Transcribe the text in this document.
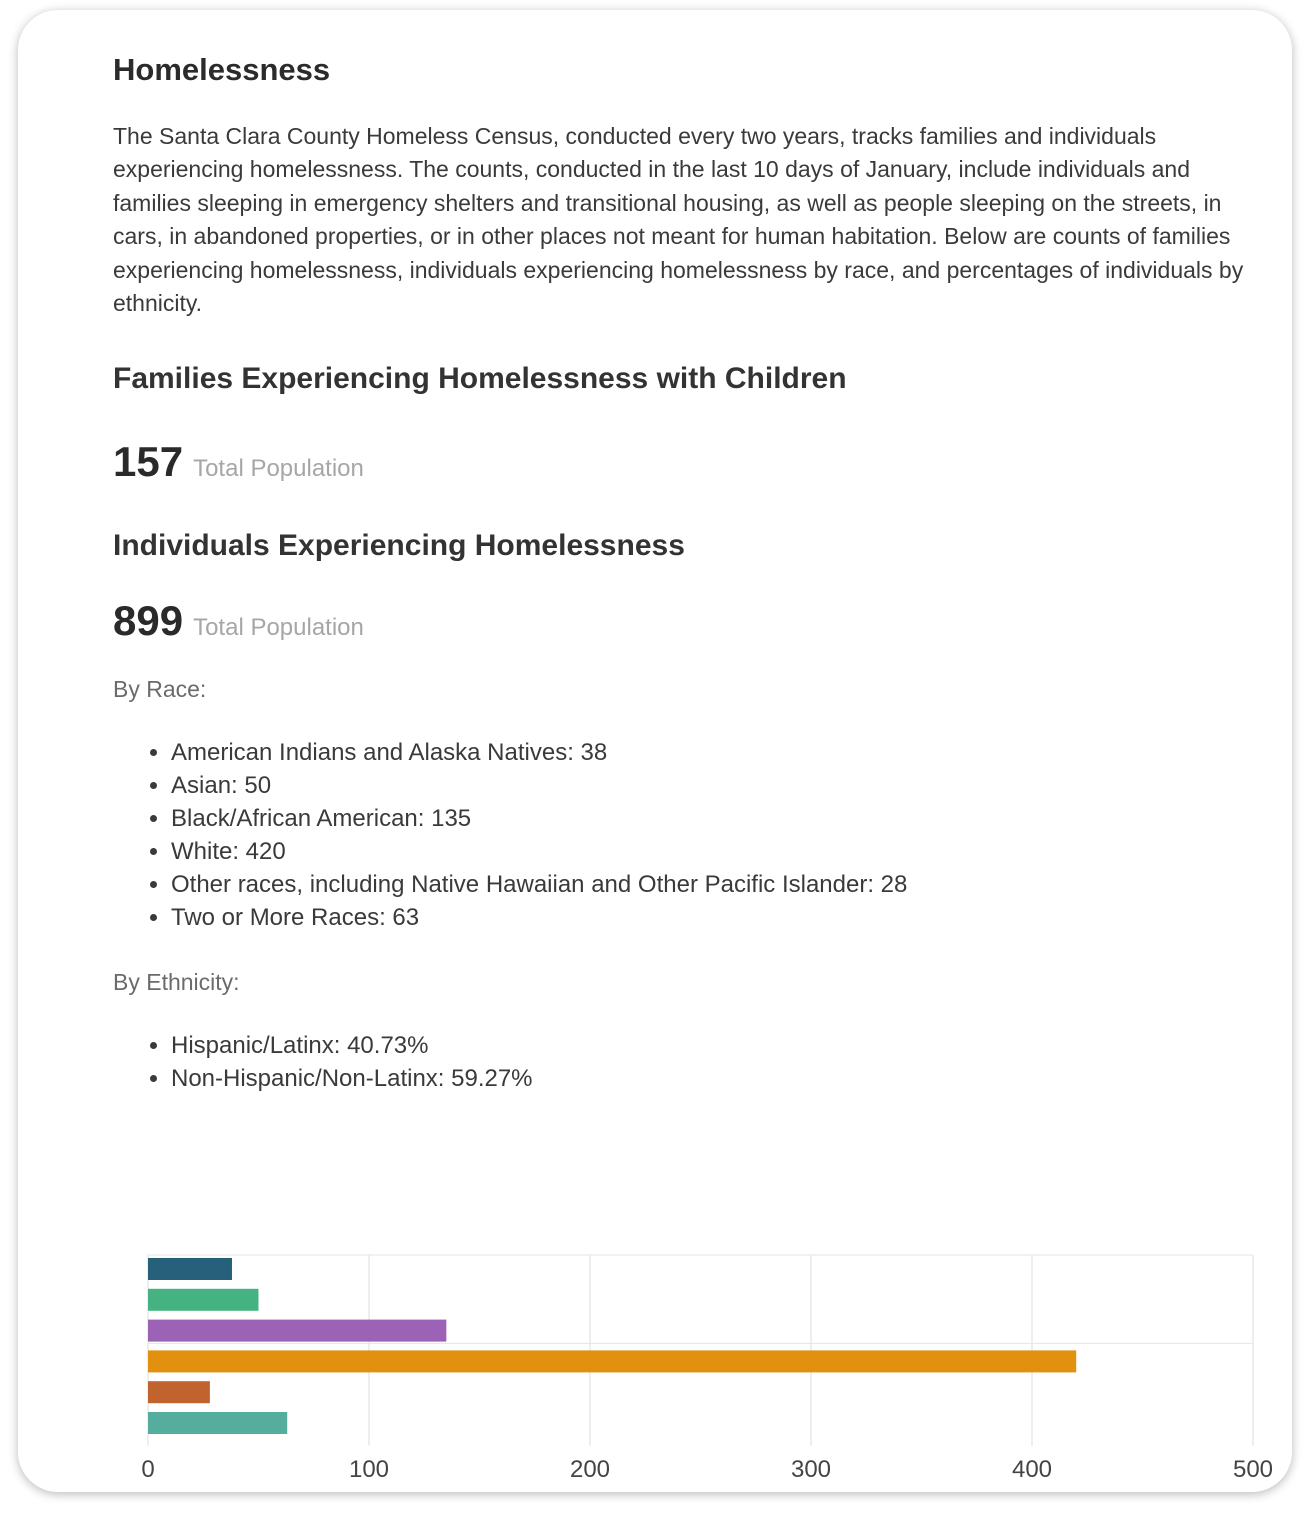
Homelessness
The Santa Clara County Homeless Census, conducted every two years, tracks families and individuals experiencing homelessness. The counts, conducted in the last 10 days of January, include individuals and families sleeping in emergency shelters and transitional housing, as well as people sleeping on the streets, in cars, in abandoned properties, or in other places not meant for human habitation. Below are counts of families experiencing homelessness, individuals experiencing homelessness by race, and percentages of individuals by ethnicity.
Families Experiencing Homelessness with Children
157 Total Population
Individuals Experiencing Homelessness
899 Total Population
By Race:
• American Indians and Alaska Natives: 38
• Asian: 50
• Black/African American: 135
• White: 420
• Other races, including Native Hawaiian and Other Pacific Islander: 28
• Two or More Races: 63
By Ethnicity:
• Hispanic/Latinx: 40.73%
• Non-Hispanic/Non-Latinx: 59.27%
0	100	200	300	400	500
